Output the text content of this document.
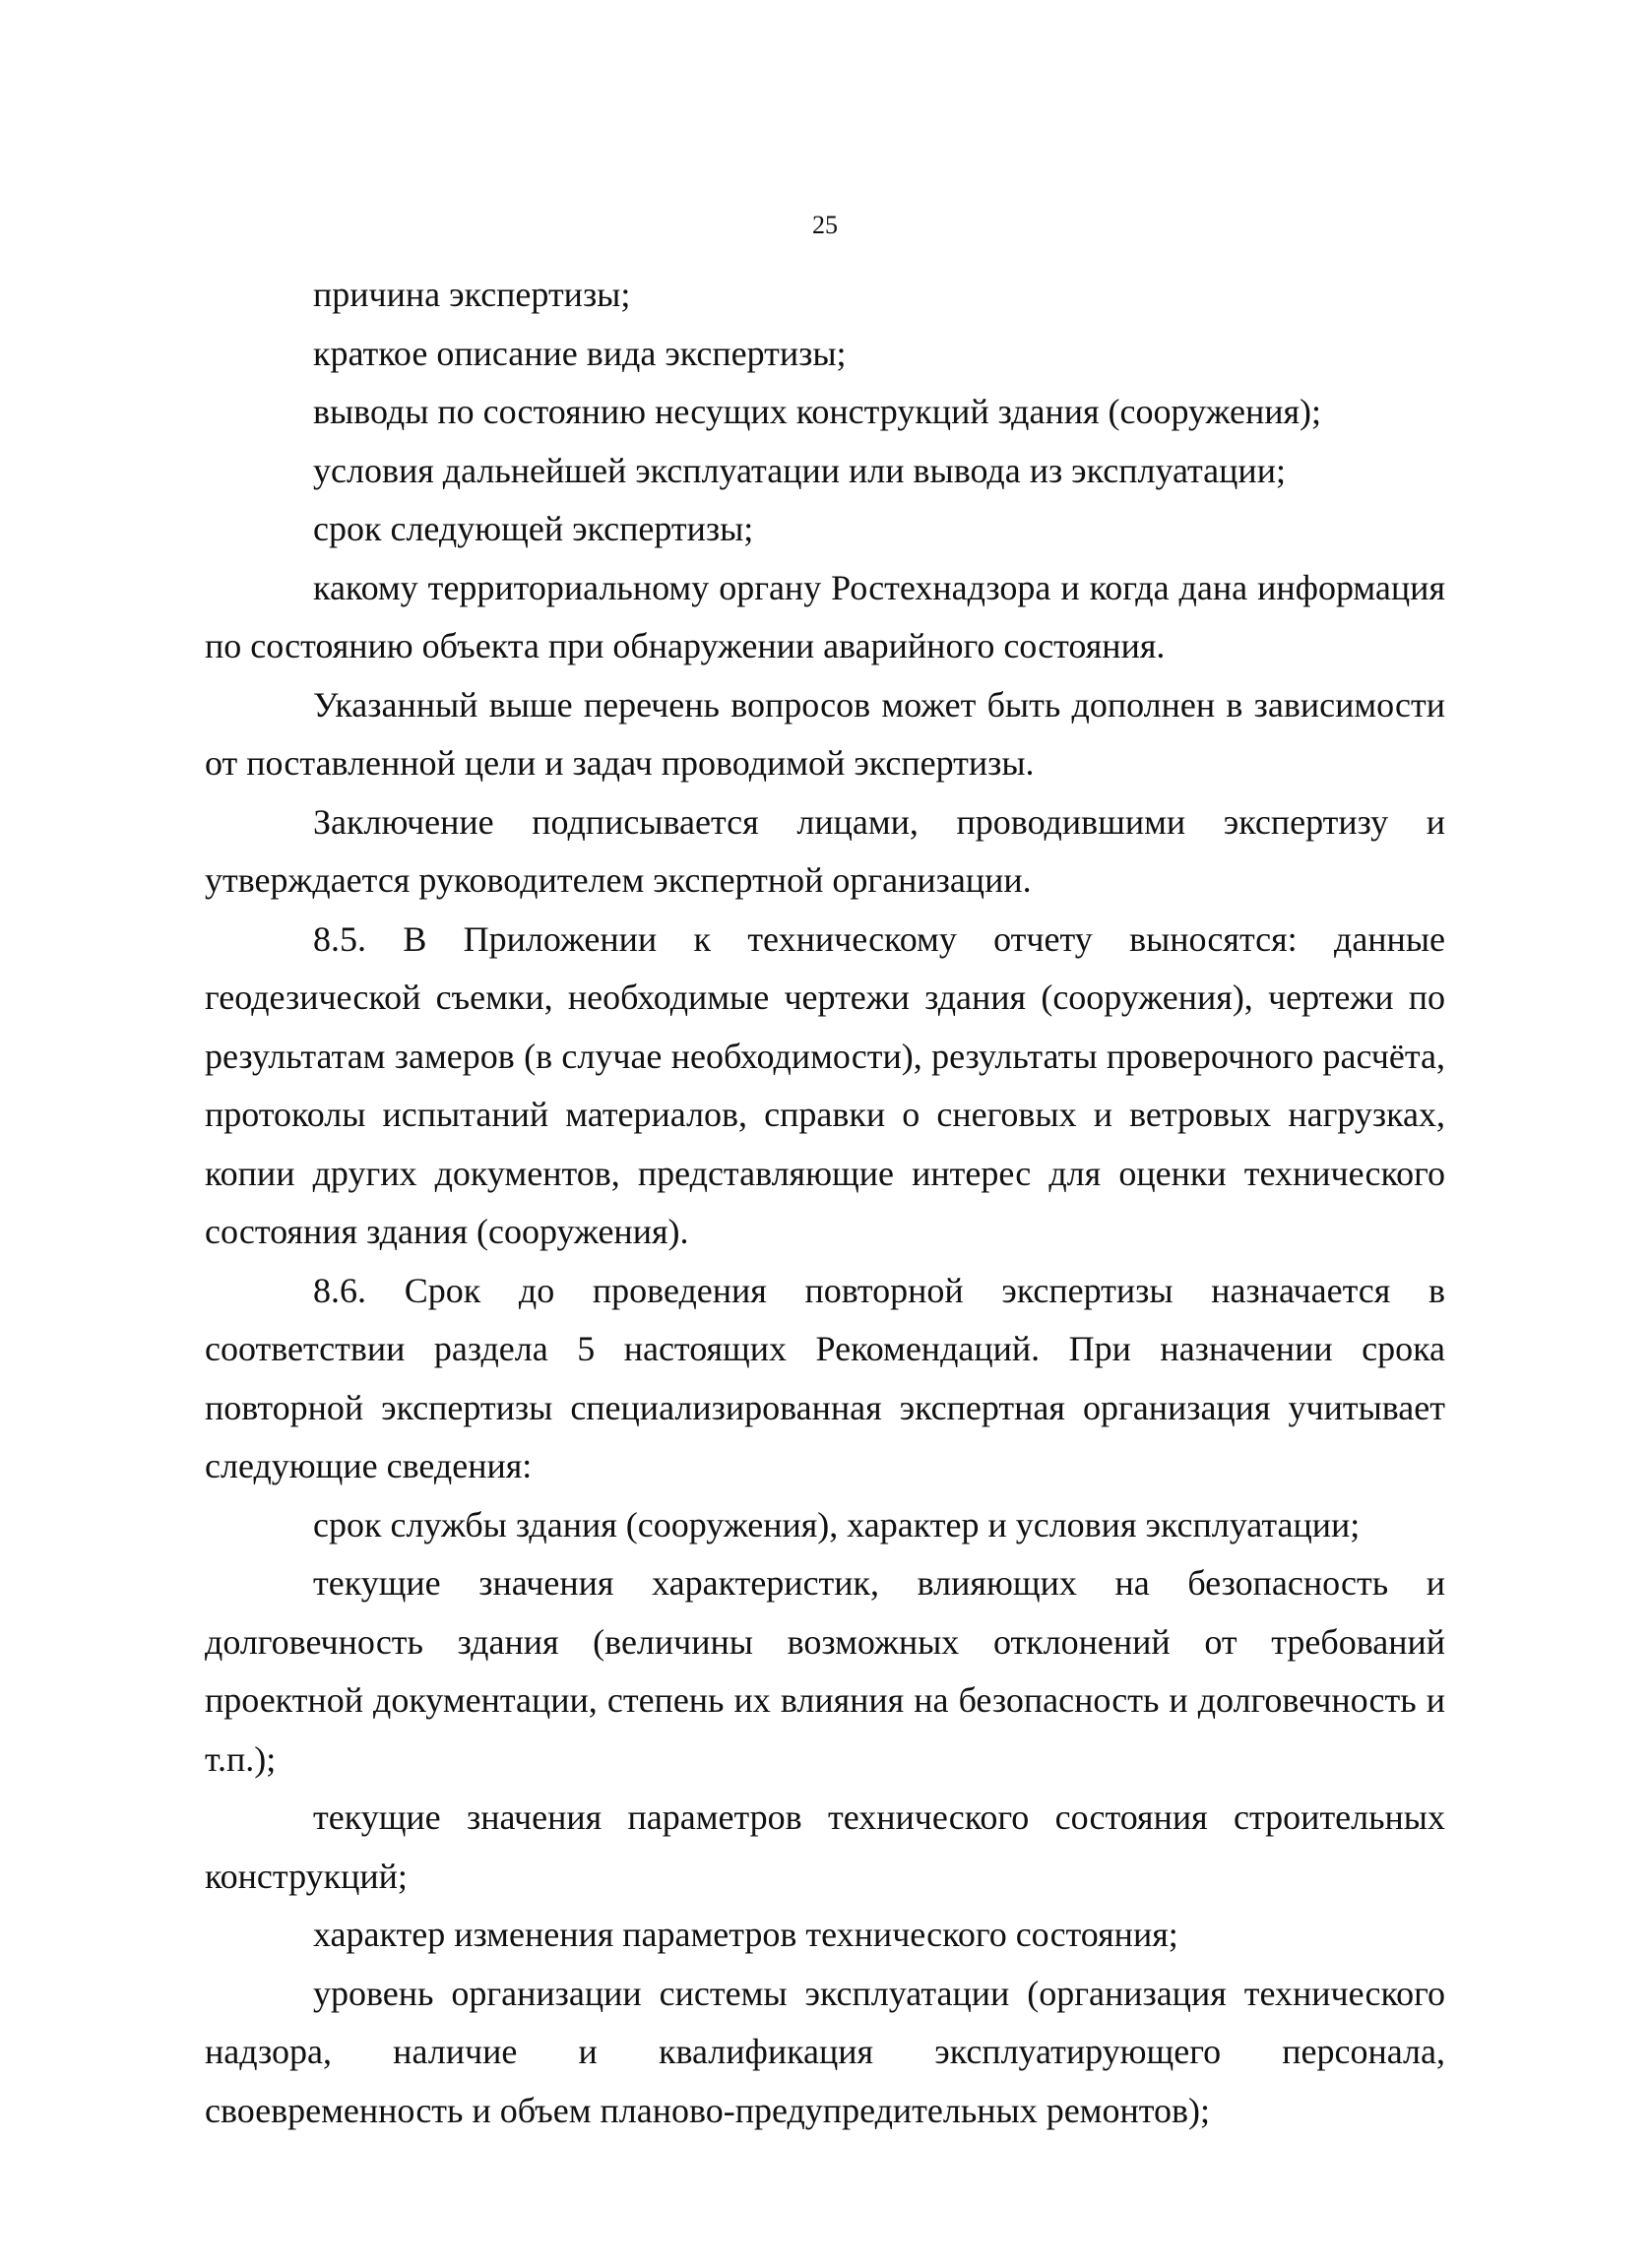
25

причина экспертизы;

краткое описание вида экспертизы;

выводы по состоянию несущих конструкций здания (сооружения);

условия дальнейшей эксплуатации или вывода из эксплуатации;

срок следующей экспертизы;

какому территориальному органу Ростехнадзора и когда дана информация по состоянию объекта при обнаружении аварийного состояния.

Указанный выше перечень вопросов может быть дополнен в зависимости от поставленной цели и задач проводимой экспертизы.

Заключение подписывается лицами, проводившими экспертизу и утверждается руководителем экспертной организации.

8.5. В Приложении к техническому отчету выносятся: данные геодезической съемки, необходимые чертежи здания (сооружения), чертежи по результатам замеров (в случае необходимости), результаты проверочного расчёта, протоколы испытаний материалов, справки о снеговых и ветровых нагрузках, копии других документов, представляющие интерес для оценки технического состояния здания (сооружения).

8.6. Срок до проведения повторной экспертизы назначается в соответствии раздела 5 настоящих Рекомендаций. При назначении срока повторной экспертизы специализированная экспертная организация учитывает следующие сведения:

срок службы здания (сооружения), характер и условия эксплуатации;

текущие значения характеристик, влияющих на безопасность и долговечность здания (величины возможных отклонений от требований проектной документации, степень их влияния на безопасность и долговечность и т.п.);

текущие значения параметров технического состояния строительных конструкций;

характер изменения параметров технического состояния;

уровень организации системы эксплуатации (организация технического надзора, наличие и квалификация эксплуатирующего персонала, своевременность и объем планово-предупредительных ремонтов);
